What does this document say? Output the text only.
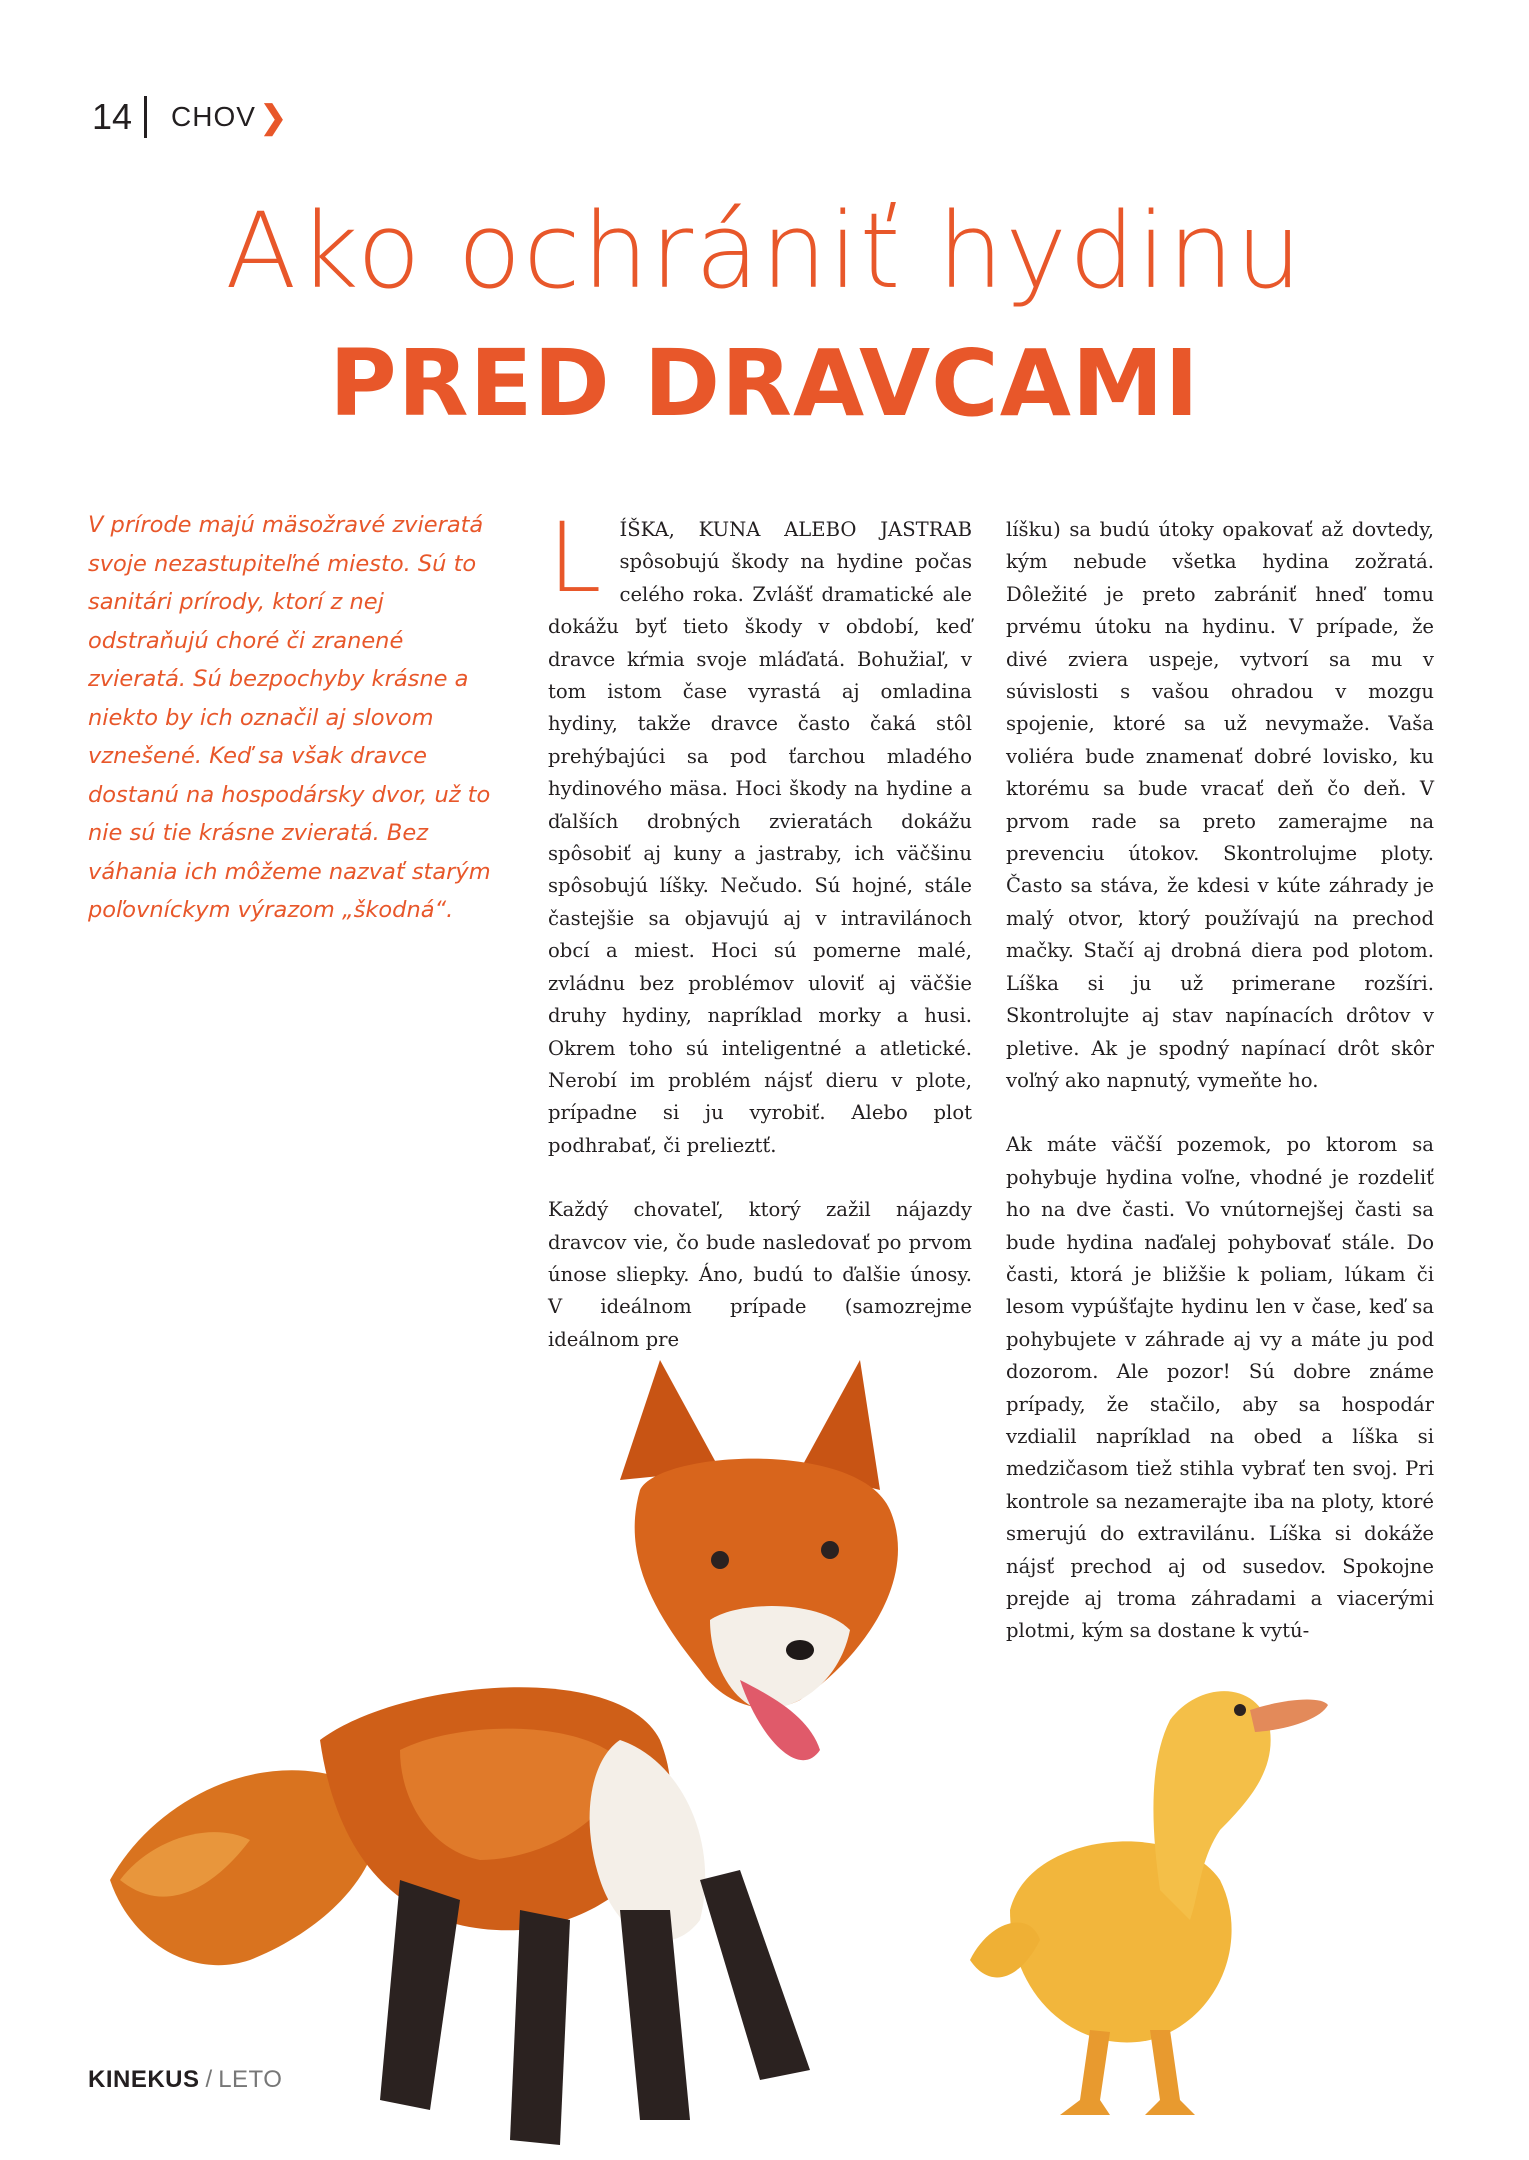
14 CHOV ❯
Ako ochrániť hydinu
PRED DRAVCAMI

V prírode majú mäsožravé zvieratá svoje nezastupiteľné miesto. Sú to sanitári prírody, ktorí z nej odstraňujú choré či zranené zvieratá. Sú bezpochyby krásne a niekto by ich označil aj slovom vznešené. Keď sa však dravce dostanú na hospodársky dvor, už to nie sú tie krásne zvieratá. Bez váhania ich môžeme nazvať starým poľovníckym výrazom „škodná“.

L ÍŠKA, KUNA ALEBO JASTRAB spôsobujú škody na hydine počas celého roka. Zvlášť dramatické ale dokážu byť tieto škody v období, keď dravce kŕmia svoje mláďatá. Bohužiaľ, v tom istom čase vyrastá aj omladina hydiny, takže dravce často čaká stôl prehýbajúci sa pod ťarchou mladého hydinového mäsa. Hoci škody na hydine a ďalších drobných zvieratách dokážu spôsobiť aj kuny a jastraby, ich väčšinu spôsobujú líšky. Nečudo. Sú hojné, stále častejšie sa objavujú aj v intravilánoch obcí a miest. Hoci sú pomerne malé, zvládnu bez problémov uloviť aj väčšie druhy hydiny, napríklad morky a husi. Okrem toho sú inteligentné a atletické. Nerobí im problém nájsť dieru v plote, prípadne si ju vyrobiť. Alebo plot podhrabať, či prelieztť.

Každý chovateľ, ktorý zažil nájazdy dravcov vie, čo bude nasledovať po prvom únose sliepky. Áno, budú to ďalšie únosy. V ideálnom prípade (samozrejme ideálnom pre

líšku) sa budú útoky opakovať až dovtedy, kým nebude všetka hydina zožratá. Dôležité je preto zabrániť hneď tomu prvému útoku na hydinu. V prípade, že divé zviera uspeje, vytvorí sa mu v súvislosti s vašou ohradou v mozgu spojenie, ktoré sa už nevymaže. Vaša voliéra bude znamenať dobré lovisko, ku ktorému sa bude vracať deň čo deň. V prvom rade sa preto zamerajme na prevenciu útokov. Skontrolujme ploty. Často sa stáva, že kdesi v kúte záhrady je malý otvor, ktorý používajú na prechod mačky. Stačí aj drobná diera pod plotom. Líška si ju už primerane rozšíri. Skontrolujte aj stav napínacích drôtov v pletive. Ak je spodný napínací drôt skôr voľný ako napnutý, vymeňte ho.

Ak máte väčší pozemok, po ktorom sa pohybuje hydina voľne, vhodné je rozdeliť ho na dve časti. Vo vnútornejšej časti sa bude hydina naďalej pohybovať stále. Do časti, ktorá je bližšie k poliam, lúkam či lesom vypúšťajte hydinu len v čase, keď sa pohybujete v záhrade aj vy a máte ju pod dozorom. Ale pozor! Sú dobre známe prípady, že stačilo, aby sa hospodár vzdialil napríklad na obed a líška si medzičasom tiež stihla vybrať ten svoj. Pri kontrole sa nezamerajte iba na ploty, ktoré smerujú do extravilánu. Líška si dokáže nájsť prechod aj od susedov. Spokojne prejde aj troma záhradami a viacerými plotmi, kým sa dostane k vytú-

KINEKUS / LETO
